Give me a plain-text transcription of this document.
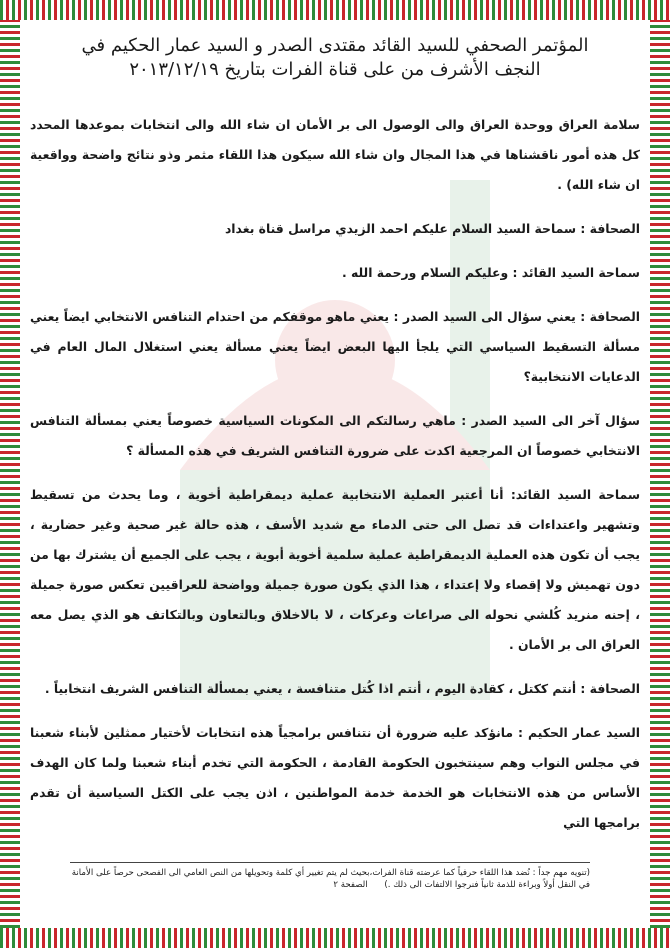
المؤتمر الصحفي للسيد القائد مقتدى الصدر و السيد عمار الحكيم في
النجف الأشرف من على قناة الفرات بتاريخ ٢٠١٣/١٢/١٩

سلامة العراق ووحدة العراق والى الوصول الى بر الأمان ان شاء الله والى انتخابات بموعدها المحدد كل هذه أمور ناقشناها في هذا المجال وان شاء الله سيكون هذا اللقاء مثمر وذو نتائج واضحة وواقعية ان شاء الله) .

الصحافة : سماحة السيد السلام عليكم احمد الزيدي مراسل قناة بغداد

سماحة السيد القائد : وعليكم السلام ورحمة الله .

الصحافة : يعني سؤال الى السيد الصدر : يعني ماهو موقفكم من احتدام التنافس الانتخابي ايضاً يعني مسألة التسقيط السياسي التي يلجأ اليها البعض ايضاً يعني مسألة يعني استغلال المال العام في الدعايات الانتخابية؟

سؤال آخر الى السيد الصدر : ماهي رسالتكم الى المكونات السياسية خصوصاً يعني بمسألة التنافس الانتخابي خصوصاً ان المرجعية اكدت على ضرورة التنافس الشريف في هذه المسألة ؟

سماحة السيد القائد: أنا أعتبر العملية الانتخابية عملية ديمقراطية أخوية ، وما يحدث من تسقيط وتشهير واعتداءات قد تصل الى حتى الدماء مع شديد الأسف ، هذه حالة غير صحية وغير حضارية ، يجب أن تكون هذه العملية الديمقراطية عملية سلمية أخوية أبوية ، يجب على الجميع أن يشترك بها من دون تهميش ولا إقصاء ولا إعتداء ، هذا الذي يكون صورة جميلة وواضحة للعراقيين تعكس صورة جميلة ، إحنه منريد كُلشي نحوله الى صراعات وعركات ، لا بالاخلاق وبالتعاون وبالتكاتف هو الذي يصل معه العراق الى بر الأمان .

الصحافة : أنتم ككتل ، كقادة اليوم ، أنتم اذا كُتل متنافسة ، يعني بمسألة التنافس الشريف انتخابياً .

السيد عمار الحكيم : مانؤكد عليه ضرورة أن نتنافس برامجياً هذه انتخابات لأختيار ممثلين لأبناء شعبنا في مجلس النواب وهم سينتخبون الحكومة القادمة ، الحكومة التي تخدم أبناء شعبنا ولما كان الهدف الأساس من هذه الانتخابات هو الخدمة خدمة المواطنين ، اذن يجب على الكتل السياسية أن تقدم برامجها التي

(تنويه مهم جداً : نُضد هذا اللقاء حرفياً كما عرضته قناة الفرات،بحيث لم يتم تغيير أي كلمة وتحويلها من النص العامي الى الفصحى حرصاً على الأمانة في النقل أولاً وبراءة للذمة ثانياً فنرجوا الالتفات الى ذلك .) الصفحة ٢
